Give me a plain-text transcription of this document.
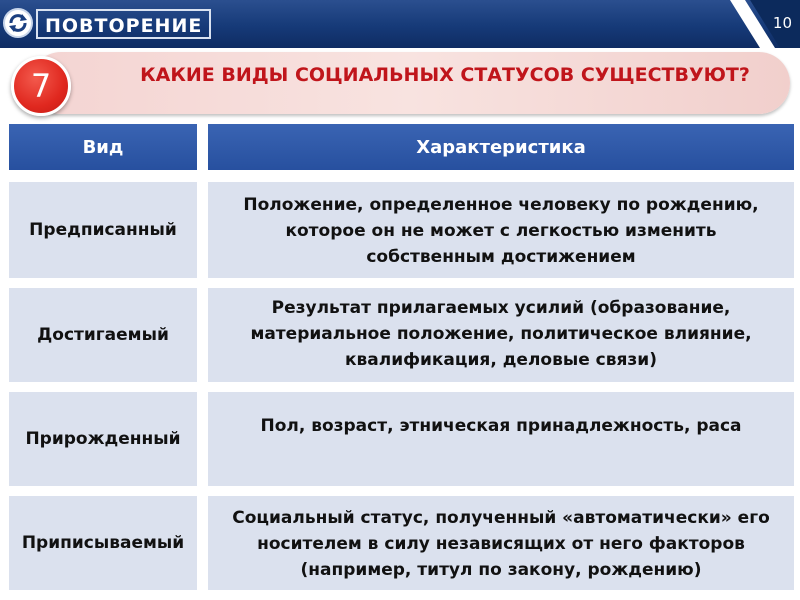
ПОВТОРЕНИЕ	10
КАКИЕ ВИДЫ СОЦИАЛЬНЫХ СТАТУСОВ СУЩЕСТВУЮТ?
7
Вид	Характеристика
Предписанный
Положение, определенное человеку по рождению, которое он не может с легкостью изменить собственным достижением
Достигаемый
Результат прилагаемых усилий (образование, материальное положение, политическое влияние, квалификация, деловые связи)
Прирожденный
Пол, возраст, этническая принадлежность, раса
Приписываемый
Социальный статус, полученный «автоматически» его носителем в силу независящих от него факторов (например, титул по закону, рождению)
